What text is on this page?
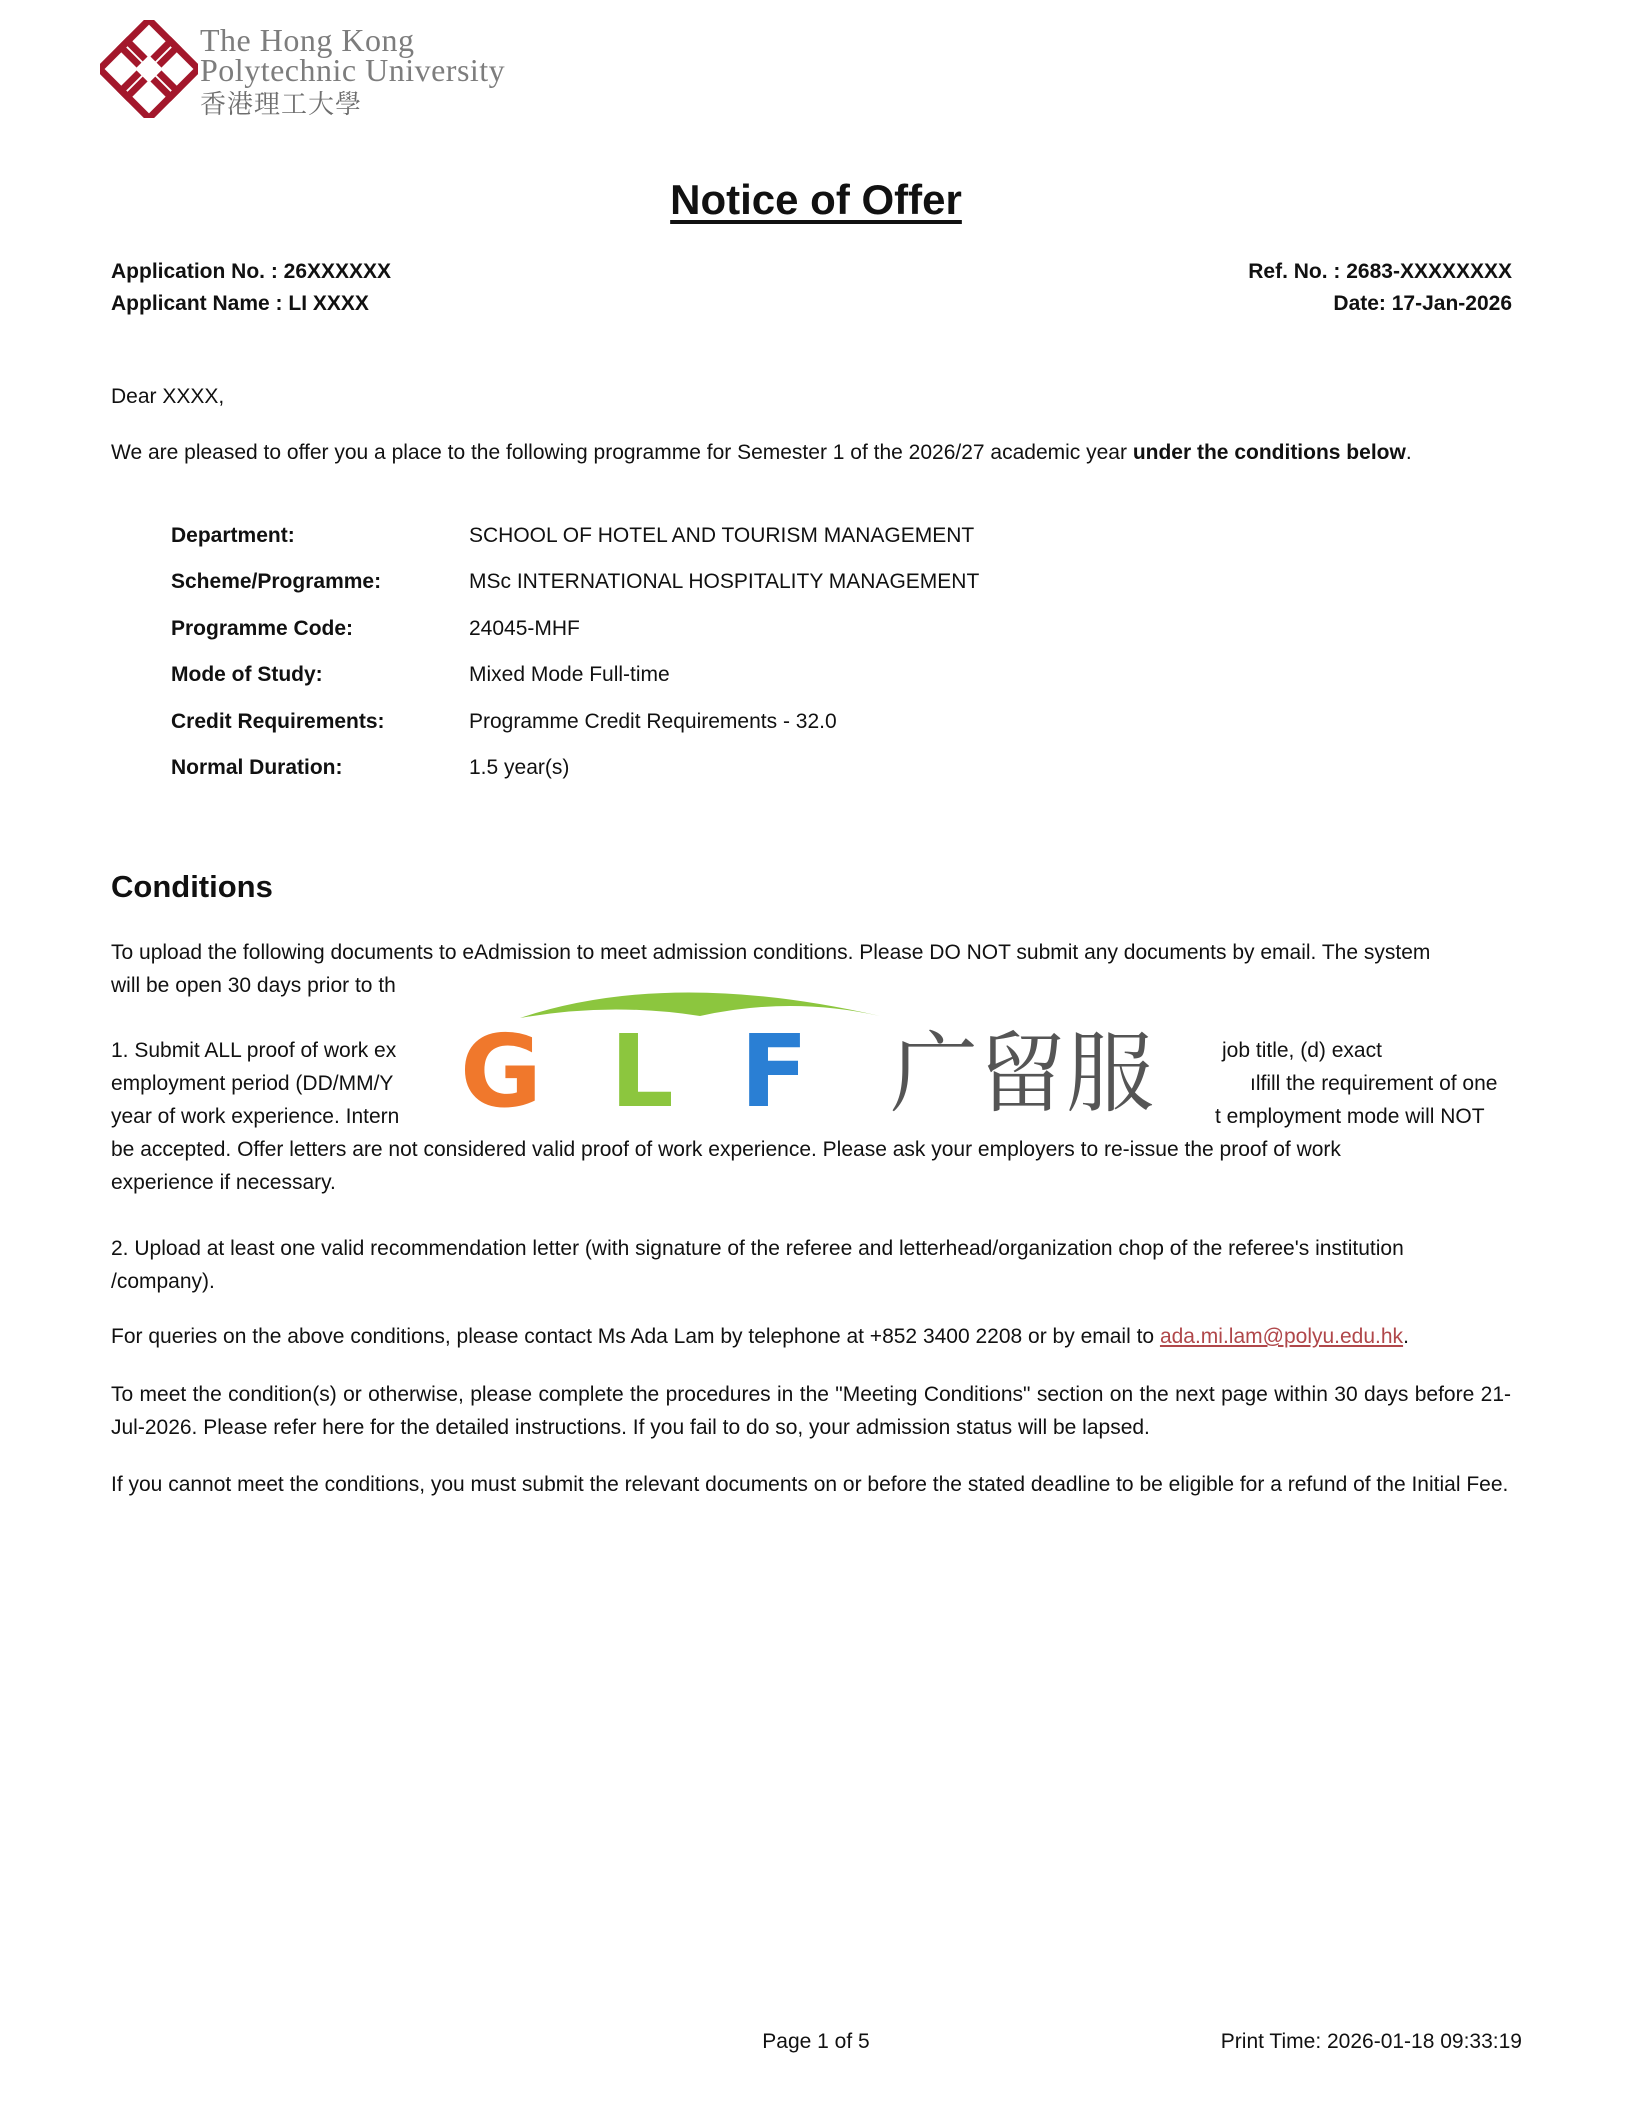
The Hong Kong
Polytechnic University
香港理工大學
Notice of Offer
Application No. : 26XXXXXX
Applicant Name : LI XXXX
Ref. No. : 2683-XXXXXXXX
Date: 17-Jan-2026
Dear XXXX,
We are pleased to offer you a place to the following programme for Semester 1 of the 2026/27 academic year under the conditions below.
Department:	SCHOOL OF HOTEL AND TOURISM MANAGEMENT
Scheme/Programme:	MSc INTERNATIONAL HOSPITALITY MANAGEMENT
Programme Code:	24045-MHF
Mode of Study:	Mixed Mode Full-time
Credit Requirements:	Programme Credit Requirements - 32.0
Normal Duration:	1.5 year(s)
Conditions
To upload the following documents to eAdmission to meet admission conditions. Please DO NOT submit any documents by email. The system
will be open 30 days prior to th
1. Submit ALL proof of work ex	job title, (d) exact
employment period (DD/MM/Y	ılfill the requirement of one
year of work experience. Intern	t employment mode will NOT
be accepted. Offer letters are not considered valid proof of work experience. Please ask your employers to re-issue the proof of work
experience if necessary.
2. Upload at least one valid recommendation letter (with signature of the referee and letterhead/organization chop of the referee's institution /company).
For queries on the above conditions, please contact Ms Ada Lam by telephone at +852 3400 2208 or by email to ada.mi.lam@polyu.edu.hk.
To meet the condition(s) or otherwise, please complete the procedures in the "Meeting Conditions" section on the next page within 30 days before 21-Jul-2026. Please refer here for the detailed instructions. If you fail to do so, your admission status will be lapsed.
If you cannot meet the conditions, you must submit the relevant documents on or before the stated deadline to be eligible for a refund of the Initial Fee.
G L F 广留服
Page 1 of 5	Print Time: 2026-01-18 09:33:19
